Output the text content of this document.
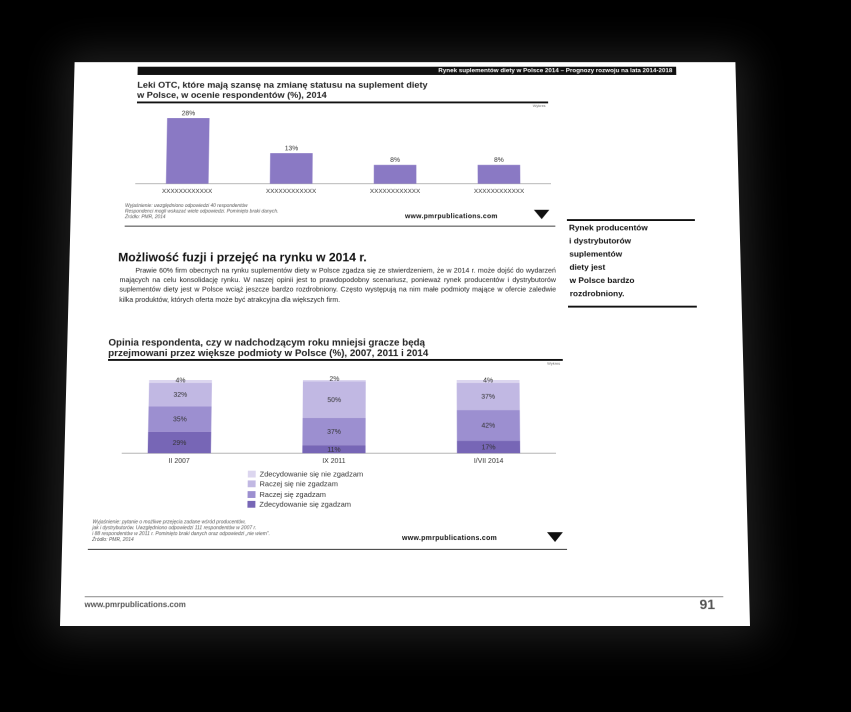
Rynek suplementów diety w Polsce 2014 – Prognozy rozwoju na lata 2014-2018
Leki OTC, które mają szansę na zmianę statusu na suplement diety
w Polsce, w ocenie respondentów (%), 2014
Wykres
28%
XXXXXXXXXXXX
13%
XXXXXXXXXXXX
8%
XXXXXXXXXXXX
8%
XXXXXXXXXXXX
Wyjaśnienie: uwzględniono odpowiedzi 40 respondentów
Respondenci mogli wskazać wiele odpowiedzi. Pominięto braki danych.
Źródło: PMR, 2014	www.pmrpublications.com
Możliwość fuzji i przejęć na rynku w 2014 r.
Prawie 60% firm obecnych na rynku suplementów diety w Polsce zgadza się ze stwierdzeniem, że w 2014 r. może dojść do wydarzeń mających na celu konsolidację rynku. W naszej opinii jest to prawdopodobny scenariusz, ponieważ rynek producentów i dystrybutorów suplementów diety jest w Polsce wciąż jeszcze bardzo rozdrobniony. Często występują na nim małe podmioty mające w ofercie zaledwie kilka produktów, których oferta może być atrakcyjna dla większych firm.
Rynek producentów
i dystrybutorów
suplementów
diety jest
w Polsce bardzo
rozdrobniony.
Opinia respondenta, czy w nadchodzącym roku mniejsi gracze będą
przejmowani przez większe podmioty w Polsce (%), 2007, 2011 i 2014
Wykres
29%
35%
32%
4%
II 2007
11%
37%
50%
2%
IX 2011
17%
42%
37%
4%
I/VII 2014
Zdecydowanie się nie zgadzam
Raczej się nie zgadzam
Raczej się zgadzam
Zdecydowanie się zgadzam
Wyjaśnienie: pytanie o możliwe przejęcia zadane wśród producentów,
jak i dystrybutorów. Uwzględniono odpowiedzi 111 respondentów w 2007 r.
i 88 respondentów w 2011 r. Pominięto braki danych oraz odpowiedzi „nie wiem”.
Źródło: PMR, 2014	www.pmrpublications.com
www.pmrpublications.com	91
